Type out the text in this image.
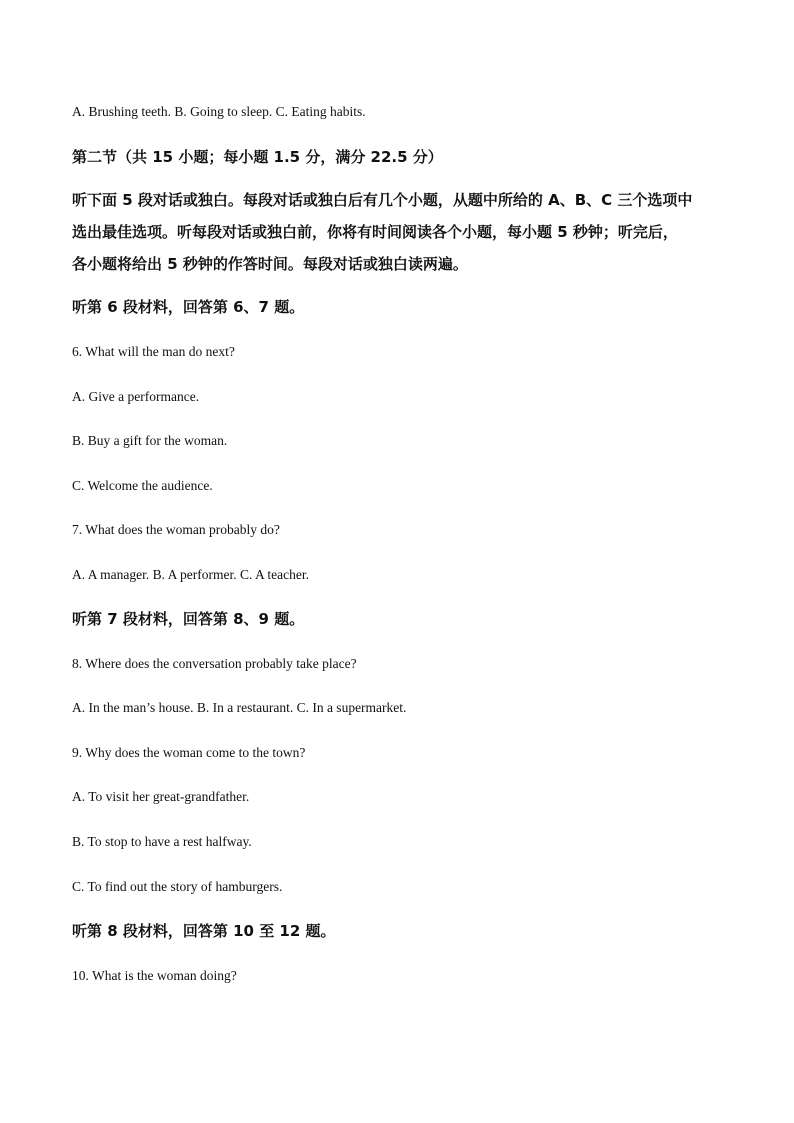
A. Brushing teeth. B. Going to sleep. C. Eating habits.
第二节（共 15 小题；每小题 1.5 分，满分 22.5 分）
听下面 5 段对话或独白。每段对话或独白后有几个小题，从题中所给的 A、B、C 三个选项中
选出最佳选项。听每段对话或独白前，你将有时间阅读各个小题，每小题 5 秒钟；听完后，
各小题将给出 5 秒钟的作答时间。每段对话或独白读两遍。
听第 6 段材料，回答第 6、7 题。
6. What will the man do next?
A. Give a performance.
B. Buy a gift for the woman.
C. Welcome the audience.
7. What does the woman probably do?
A. A manager. B. A performer. C. A teacher.
听第 7 段材料，回答第 8、9 题。
8. Where does the conversation probably take place?
A. In the man’s house. B. In a restaurant. C. In a supermarket.
9. Why does the woman come to the town?
A. To visit her great-grandfather.
B. To stop to have a rest halfway.
C. To find out the story of hamburgers.
听第 8 段材料，回答第 10 至 12 题。
10. What is the woman doing?
